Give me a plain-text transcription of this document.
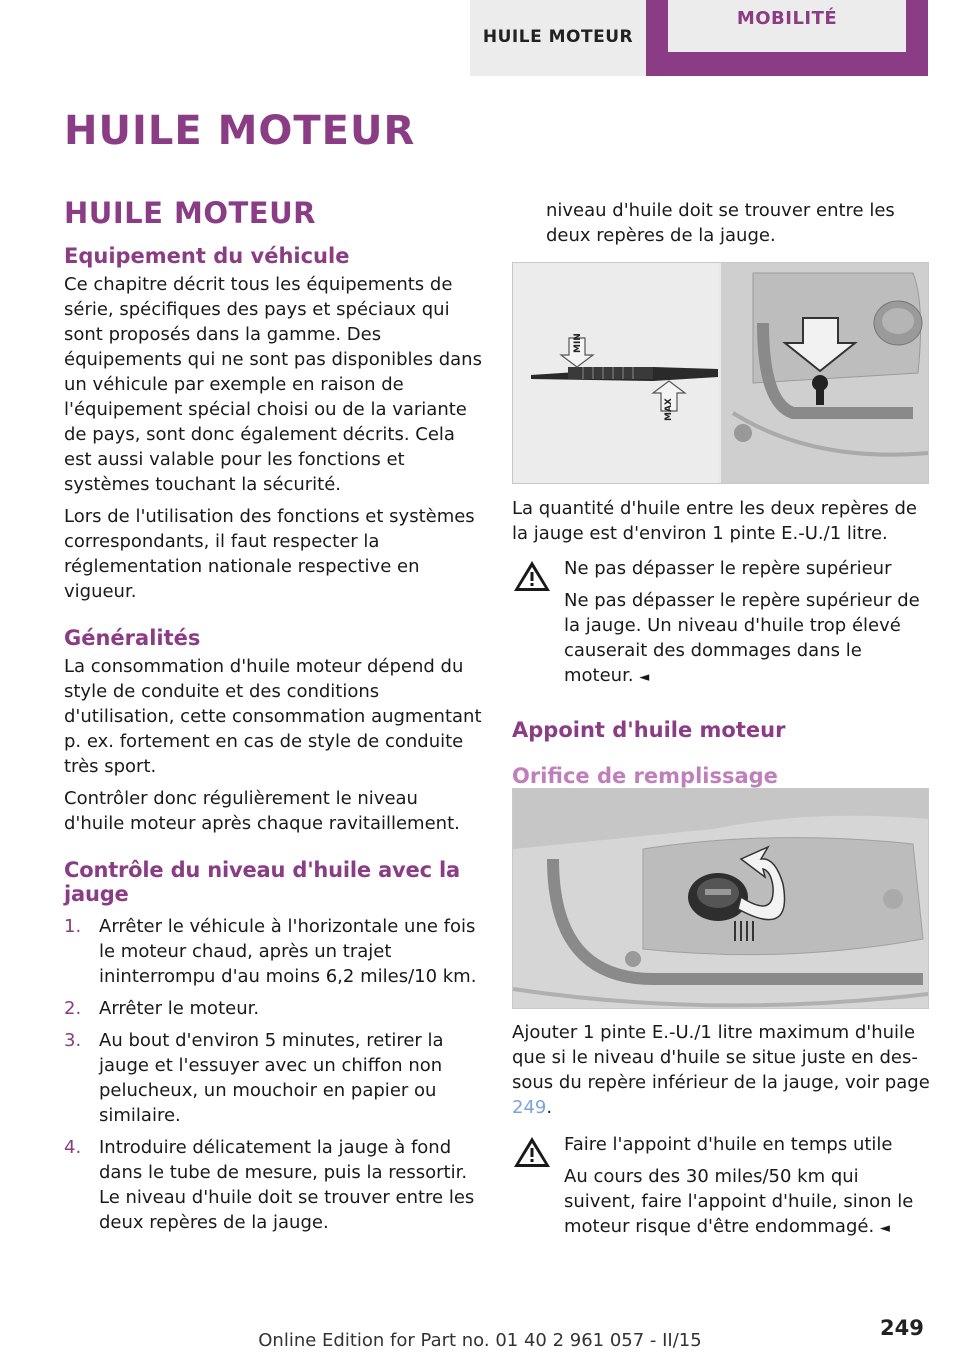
HUILE MOTEUR
MOBILITÉ
HUILE MOTEUR
HUILE MOTEUR
Equipement du véhicule
Ce chapitre décrit tous les équipements de série, spécifiques des pays et spéciaux qui sont proposés dans la gamme. Des équipements qui ne sont pas disponibles dans un véhicule par exemple en raison de l'équipement spécial choisi ou de la variante de pays, sont donc également décrits. Cela est aussi valable pour les fonctions et systèmes touchant la sécurité.
Lors de l'utilisation des fonctions et systèmes correspondants, il faut respecter la réglementation nationale respective en vigueur.
Généralités
La consommation d'huile moteur dépend du style de conduite et des conditions d'utilisation, cette consommation augmentant p. ex. fortement en cas de style de conduite très sport.
Contrôler donc régulièrement le niveau d'huile moteur après chaque ravitaillement.
Contrôle du niveau d'huile avec la jauge
1. Arrêter le véhicule à l'horizontale une fois le moteur chaud, après un trajet ininterrompu d'au moins 6,2 miles/10 km.
2. Arrêter le moteur.
3. Au bout d'environ 5 minutes, retirer la jauge et l'essuyer avec un chiffon non pelucheux, un mouchoir en papier ou similaire.
4. Introduire délicatement la jauge à fond dans le tube de mesure, puis la ressortir. Le niveau d'huile doit se trouver entre les deux repères de la jauge.
niveau d'huile doit se trouver entre les deux repères de la jauge.
MIN
MAX
La quantité d'huile entre les deux repères de la jauge est d'environ 1 pinte E.-U./1 litre.
Ne pas dépasser le repère supérieur
Ne pas dépasser le repère supérieur de la jauge. Un niveau d'huile trop élevé causerait des dommages dans le moteur. ◄
Appoint d'huile moteur
Orifice de remplissage
Ajouter 1 pinte E.-U./1 litre maximum d'huile que si le niveau d'huile se situe juste en dessous du repère inférieur de la jauge, voir page 249.
Faire l'appoint d'huile en temps utile
Au cours des 30 miles/50 km qui suivent, faire l'appoint d'huile, sinon le moteur risque d'être endommagé. ◄
249
Online Edition for Part no. 01 40 2 961 057 - II/15
